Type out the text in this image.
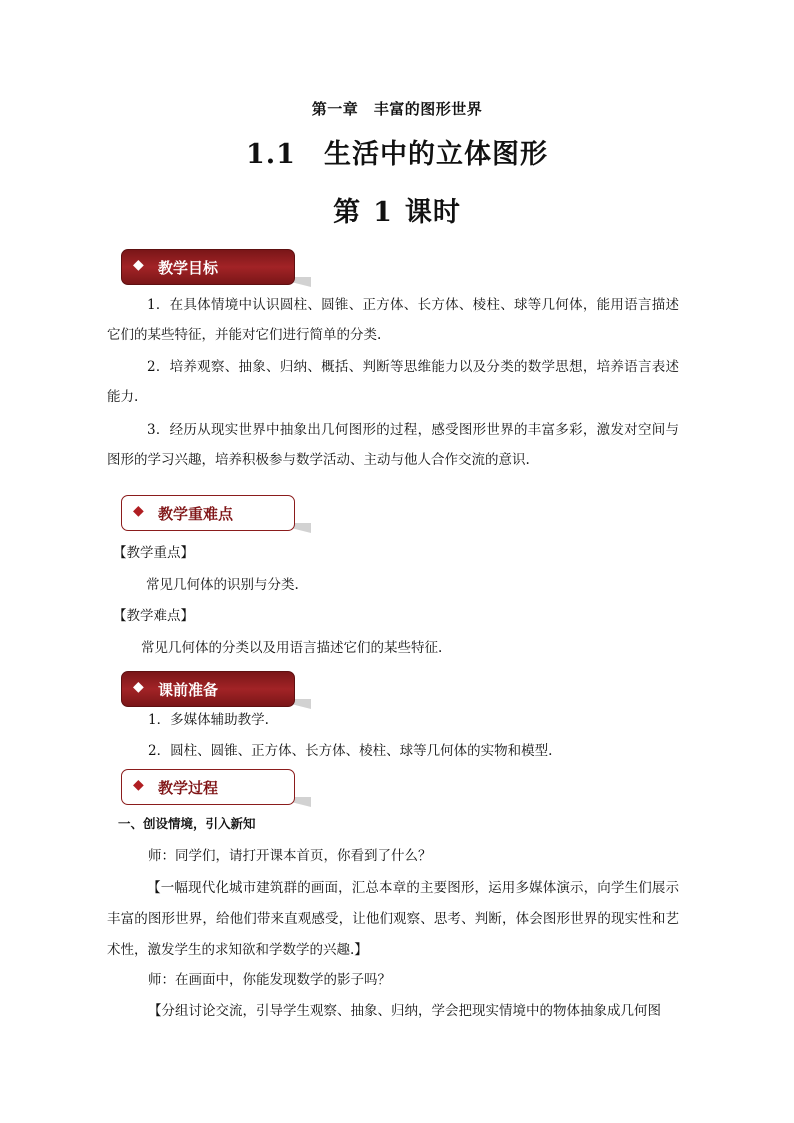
第一章　丰富的图形世界
1.1 生活中的立体图形
第 1 课时
◆ 教学目标
1．在具体情境中认识圆柱、圆锥、正方体、长方体、棱柱、球等几何体，能用语言描述它们的某些特征，并能对它们进行简单的分类.
2．培养观察、抽象、归纳、概括、判断等思维能力以及分类的数学思想，培养语言表述能力.
3．经历从现实世界中抽象出几何图形的过程，感受图形世界的丰富多彩，激发对空间与图形的学习兴趣，培养积极参与数学活动、主动与他人合作交流的意识.
◆ 教学重难点
【教学重点】
常见几何体的识别与分类.
【教学难点】
常见几何体的分类以及用语言描述它们的某些特征.
◆ 课前准备
1．多媒体辅助教学.
2．圆柱、圆锥、正方体、长方体、棱柱、球等几何体的实物和模型.
◆ 教学过程
一、创设情境，引入新知
师：同学们，请打开课本首页，你看到了什么？
【一幅现代化城市建筑群的画面，汇总本章的主要图形，运用多媒体演示，向学生们展示丰富的图形世界，给他们带来直观感受，让他们观察、思考、判断，体会图形世界的现实性和艺术性，激发学生的求知欲和学数学的兴趣.】
师：在画面中，你能发现数学的影子吗？
【分组讨论交流，引导学生观察、抽象、归纳，学会把现实情境中的物体抽象成几何图
